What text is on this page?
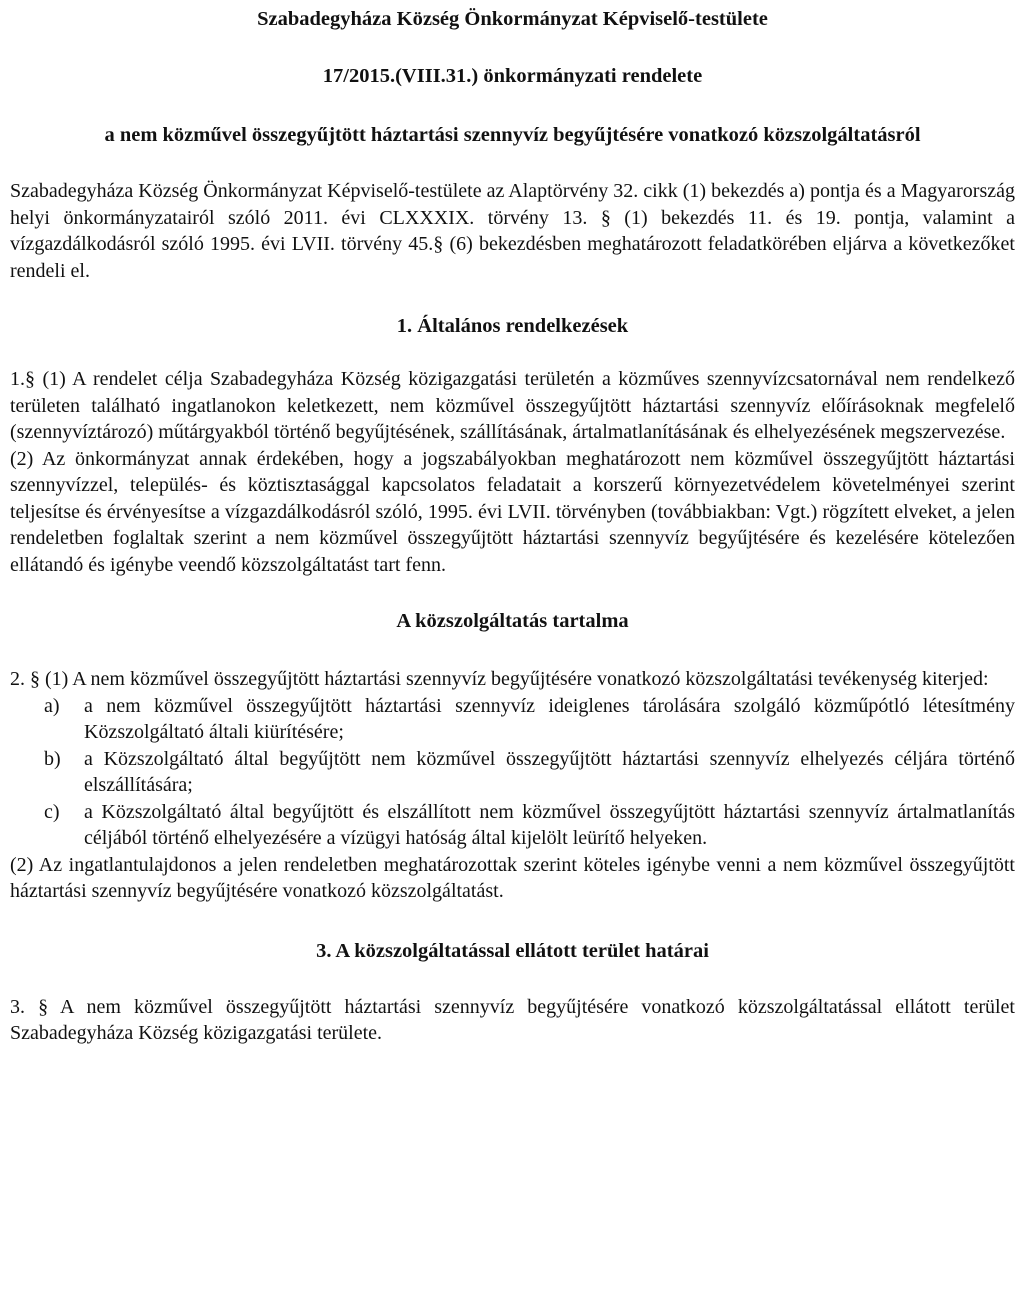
Szabadegyháza Község Önkormányzat Képviselő-testülete

17/2015.(VIII.31.) önkormányzati rendelete

a nem közművel összegyűjtött háztartási szennyvíz begyűjtésére vonatkozó közszolgáltatásról

Szabadegyháza Község Önkormányzat Képviselő-testülete az Alaptörvény 32. cikk (1) bekezdés a) pontja és a Magyarország helyi önkormányzatairól szóló 2011. évi CLXXXIX. törvény 13. § (1) bekezdés 11. és 19. pontja, valamint a vízgazdálkodásról szóló 1995. évi LVII. törvény 45.§ (6) bekezdésben meghatározott feladatkörében eljárva a következőket rendeli el.

1. Általános rendelkezések

1.§ (1) A rendelet célja Szabadegyháza Község közigazgatási területén a közműves szennyvízcsatornával nem rendelkező területen található ingatlanokon keletkezett, nem közművel összegyűjtött háztartási szennyvíz előírásoknak megfelelő (szennyvíztározó) műtárgyakból történő begyűjtésének, szállításának, ártalmatlanításának és elhelyezésének megszervezése.

(2) Az önkormányzat annak érdekében, hogy a jogszabályokban meghatározott nem közművel összegyűjtött háztartási szennyvízzel, település- és köztisztasággal kapcsolatos feladatait a korszerű környezetvédelem követelményei szerint teljesítse és érvényesítse a vízgazdálkodásról szóló, 1995. évi LVII. törvényben (továbbiakban: Vgt.) rögzített elveket, a jelen rendeletben foglaltak szerint a nem közművel összegyűjtött háztartási szennyvíz begyűjtésére és kezelésére kötelezően ellátandó és igénybe veendő közszolgáltatást tart fenn.

A közszolgáltatás tartalma

2. § (1) A nem közművel összegyűjtött háztartási szennyvíz begyűjtésére vonatkozó közszolgáltatási tevékenység kiterjed:

a)	a nem közművel összegyűjtött háztartási szennyvíz ideiglenes tárolására szolgáló közműpótló létesítmény Közszolgáltató általi kiürítésére;
b)	a Közszolgáltató által begyűjtött nem közművel összegyűjtött háztartási szennyvíz elhelyezés céljára történő elszállítására;
c)	a Közszolgáltató által begyűjtött és elszállított nem közművel összegyűjtött háztartási szennyvíz ártalmatlanítás céljából történő elhelyezésére a vízügyi hatóság által kijelölt leürítő helyeken.

(2) Az ingatlantulajdonos a jelen rendeletben meghatározottak szerint köteles igénybe venni a nem közművel összegyűjtött háztartási szennyvíz begyűjtésére vonatkozó közszolgáltatást.

3. A közszolgáltatással ellátott terület határai

3. § A nem közművel összegyűjtött háztartási szennyvíz begyűjtésére vonatkozó közszolgáltatással ellátott terület Szabadegyháza Község közigazgatási területe.
